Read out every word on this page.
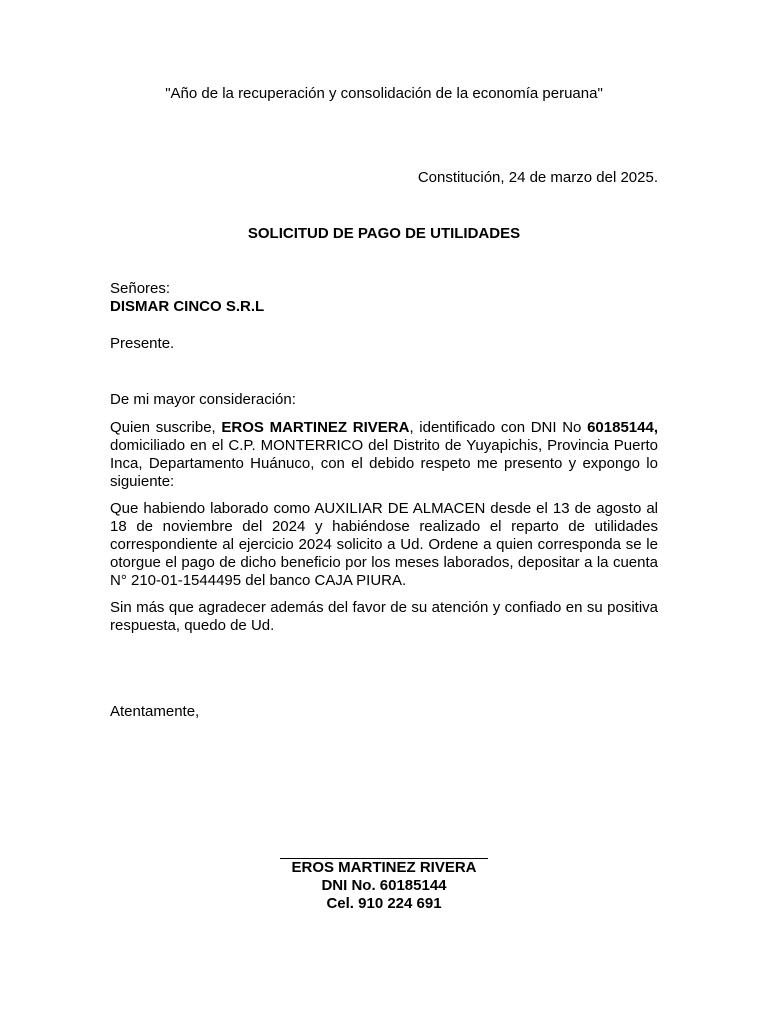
"Año de la recuperación y consolidación de la economía peruana"
Constitución, 24 de marzo del 2025.
SOLICITUD DE PAGO DE UTILIDADES
Señores:
DISMAR CINCO S.R.L
Presente.

De mi mayor consideración:

Quien suscribe, EROS MARTINEZ RIVERA, identificado con DNI No 60185144, domiciliado en el C.P. MONTERRICO del Distrito de Yuyapichis, Provincia Puerto Inca, Departamento Huánuco, con el debido respeto me presento y expongo lo siguiente:

Que habiendo laborado como AUXILIAR DE ALMACEN desde el 13 de agosto al 18 de noviembre del 2024 y habiéndose realizado el reparto de utilidades correspondiente al ejercicio 2024 solicito a Ud. Ordene a quien corresponda se le otorgue el pago de dicho beneficio por los meses laborados, depositar a la cuenta N° 210-01-1544495 del banco CAJA PIURA.

Sin más que agradecer además del favor de su atención y confiado en su positiva respuesta, quedo de Ud.

Atentamente,
EROS MARTINEZ RIVERA
DNI No. 60185144
Cel. 910 224 691
